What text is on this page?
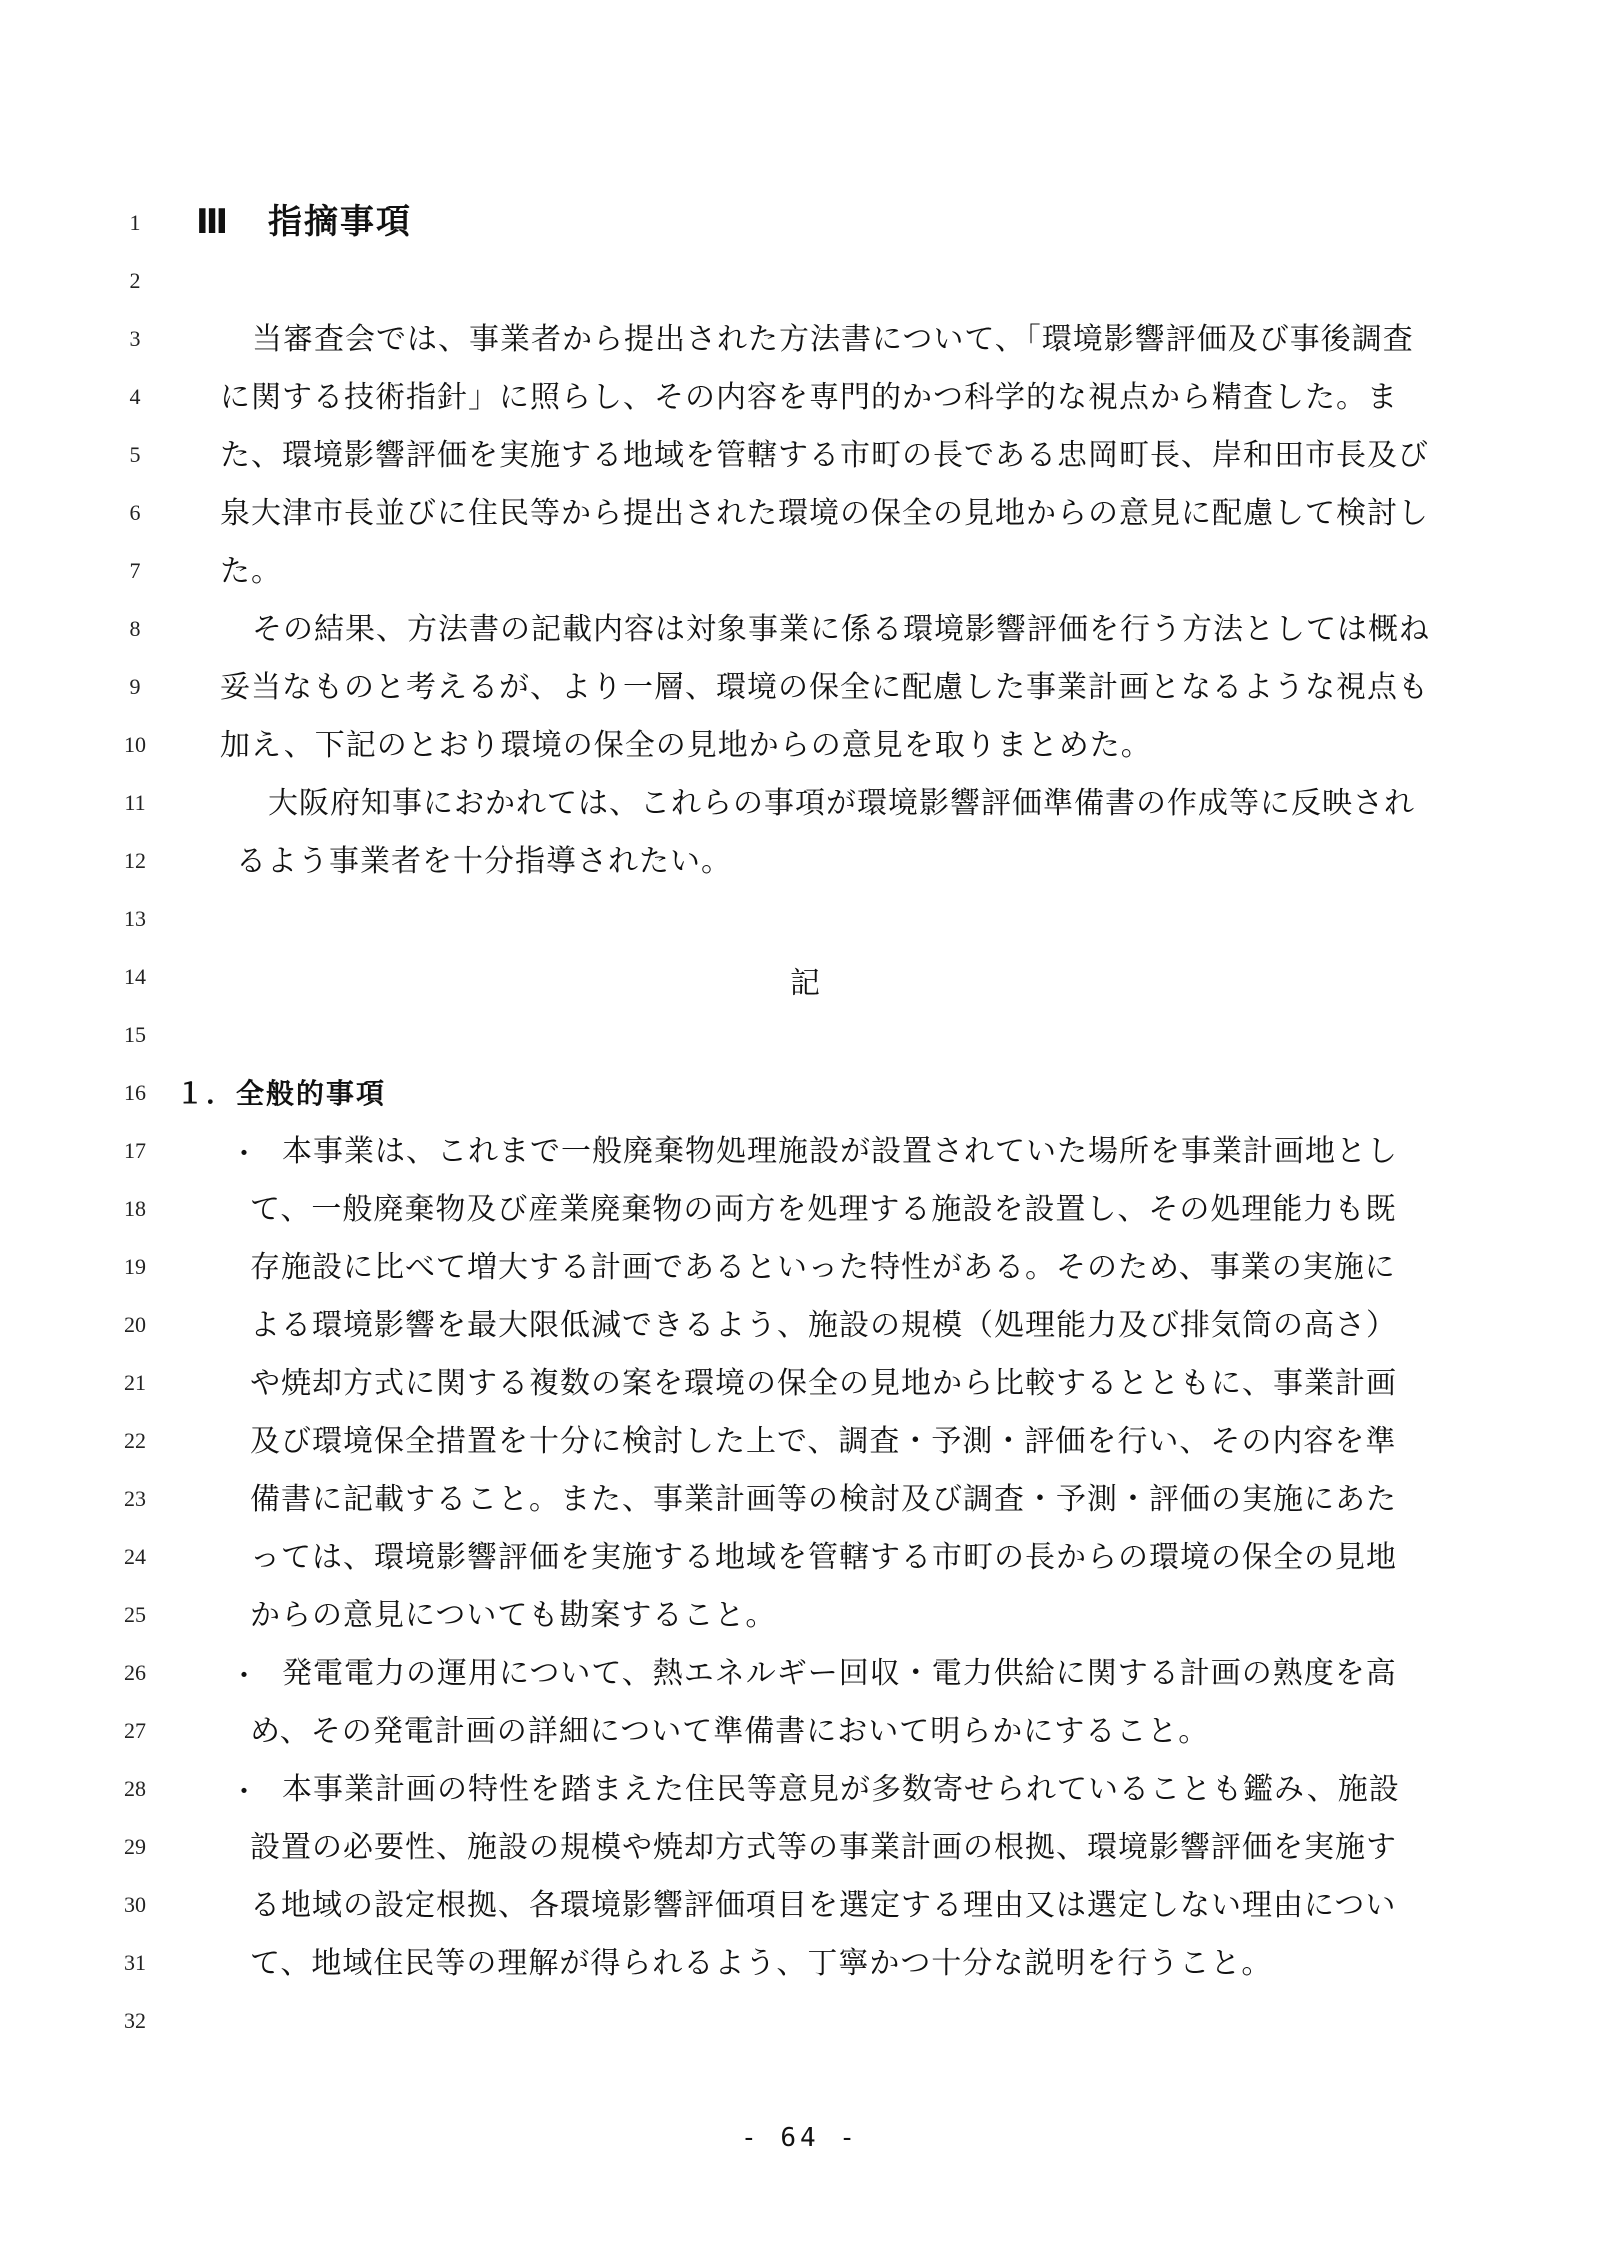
1	Ⅲ 指摘事項
2
3	当審査会では、事業者から提出された方法書について、「環境影響評価及び事後調査
4	に関する技術指針」に照らし、その内容を専門的かつ科学的な視点から精査した。ま
5	た、環境影響評価を実施する地域を管轄する市町の長である忠岡町長、岸和田市長及び
6	泉大津市長並びに住民等から提出された環境の保全の見地からの意見に配慮して検討し
7	た。
8	その結果、方法書の記載内容は対象事業に係る環境影響評価を行う方法としては概ね
9	妥当なものと考えるが、より一層、環境の保全に配慮した事業計画となるような視点も
10	加え、下記のとおり環境の保全の見地からの意見を取りまとめた。
11	大阪府知事におかれては、これらの事項が環境影響評価準備書の作成等に反映され
12	るよう事業者を十分指導されたい。
13
14	記
15
16	１．全般的事項
17	・ 本事業は、これまで一般廃棄物処理施設が設置されていた場所を事業計画地とし
18	て、一般廃棄物及び産業廃棄物の両方を処理する施設を設置し、その処理能力も既
19	存施設に比べて増大する計画であるといった特性がある。そのため、事業の実施に
20	よる環境影響を最大限低減できるよう、施設の規模（処理能力及び排気筒の高さ）
21	や焼却方式に関する複数の案を環境の保全の見地から比較するとともに、事業計画
22	及び環境保全措置を十分に検討した上で、調査・予測・評価を行い、その内容を準
23	備書に記載すること。また、事業計画等の検討及び調査・予測・評価の実施にあた
24	っては、環境影響評価を実施する地域を管轄する市町の長からの環境の保全の見地
25	からの意見についても勘案すること。
26	・ 発電電力の運用について、熱エネルギー回収・電力供給に関する計画の熟度を高
27	め、その発電計画の詳細について準備書において明らかにすること。
28	・ 本事業計画の特性を踏まえた住民等意見が多数寄せられていることも鑑み、施設
29	設置の必要性、施設の規模や焼却方式等の事業計画の根拠、環境影響評価を実施す
30	る地域の設定根拠、各環境影響評価項目を選定する理由又は選定しない理由につい
31	て、地域住民等の理解が得られるよう、丁寧かつ十分な説明を行うこと。
32
- 64 -
